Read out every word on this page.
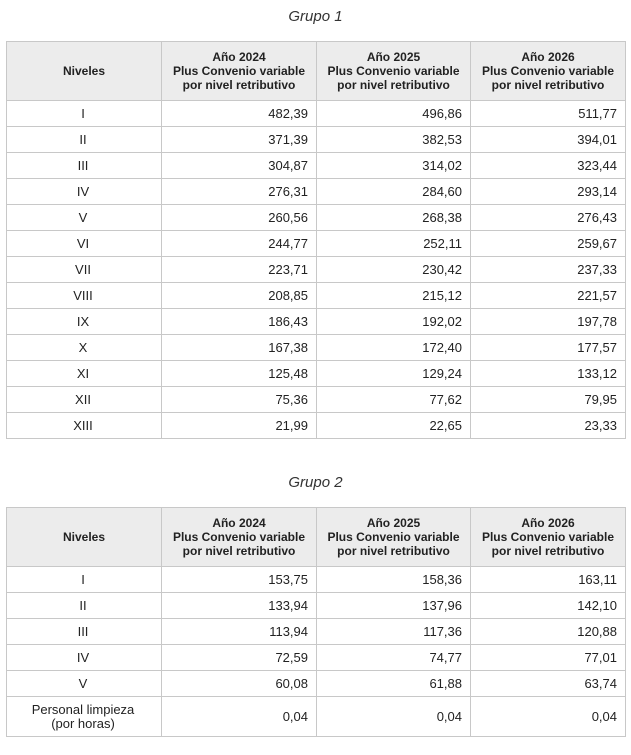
Grupo 1

Niveles	Año 2024
Plus Convenio variable
por nivel retributivo	Año 2025
Plus Convenio variable
por nivel retributivo	Año 2026
Plus Convenio variable
por nivel retributivo

I	482,39	496,86	511,77
II	371,39	382,53	394,01
III	304,87	314,02	323,44
IV	276,31	284,60	293,14
V	260,56	268,38	276,43
VI	244,77	252,11	259,67
VII	223,71	230,42	237,33
VIII	208,85	215,12	221,57
IX	186,43	192,02	197,78
X	167,38	172,40	177,57
XI	125,48	129,24	133,12
XII	75,36	77,62	79,95
XIII	21,99	22,65	23,33

Grupo 2

Niveles	Año 2024
Plus Convenio variable
por nivel retributivo	Año 2025
Plus Convenio variable
por nivel retributivo	Año 2026
Plus Convenio variable
por nivel retributivo

I	153,75	158,36	163,11
II	133,94	137,96	142,10
III	113,94	117,36	120,88
IV	72,59	74,77	77,01
V	60,08	61,88	63,74

Personal limpieza
(por horas)	0,04	0,04	0,04
